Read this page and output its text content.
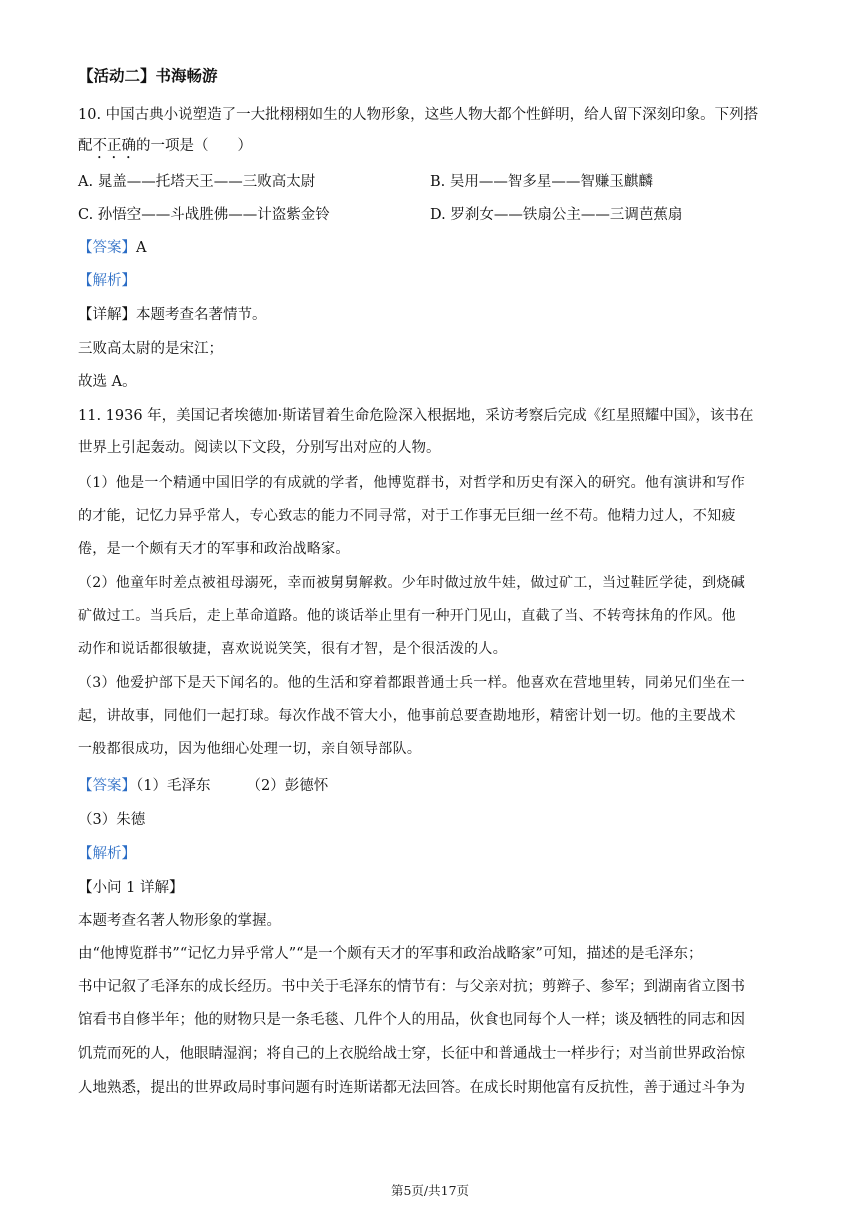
【活动二】书海畅游
10. 中国古典小说塑造了一大批栩栩如生的人物形象，这些人物大都个性鲜明，给人留下深刻印象。下列搭
配不正确的一项是（　　）
A. 晁盖——托塔天王——三败高太尉	B. 吴用——智多星——智赚玉麒麟
C. 孙悟空——斗战胜佛——计盗紫金铃	D. 罗刹女——铁扇公主——三调芭蕉扇
【答案】A
【解析】
【详解】本题考查名著情节。
三败高太尉的是宋江；
故选 A。
11. 1936 年，美国记者埃德加·斯诺冒着生命危险深入根据地，采访考察后完成《红星照耀中国》，该书在
世界上引起轰动。阅读以下文段，分别写出对应的人物。
（1）他是一个精通中国旧学的有成就的学者，他博览群书，对哲学和历史有深入的研究。他有演讲和写作
的才能，记忆力异乎常人，专心致志的能力不同寻常，对于工作事无巨细一丝不苟。他精力过人，不知疲
倦，是一个颇有天才的军事和政治战略家。
（2）他童年时差点被祖母溺死，幸而被舅舅解救。少年时做过放牛娃，做过矿工，当过鞋匠学徒，到烧碱
矿做过工。当兵后，走上革命道路。他的谈话举止里有一种开门见山，直截了当、不转弯抹角的作风。他
动作和说话都很敏捷，喜欢说说笑笑，很有才智，是个很活泼的人。
（3）他爱护部下是天下闻名的。他的生活和穿着都跟普通士兵一样。他喜欢在营地里转，同弟兄们坐在一
起，讲故事，同他们一起打球。每次作战不管大小，他事前总要查勘地形，精密计划一切。他的主要战术
一般都很成功，因为他细心处理一切，亲自领导部队。
【答案】（1）毛泽东 （2）彭德怀
（3）朱德
【解析】
【小问 1 详解】
本题考查名著人物形象的掌握。
由“他博览群书”“记忆力异乎常人”“是一个颇有天才的军事和政治战略家”可知，描述的是毛泽东；
书中记叙了毛泽东的成长经历。书中关于毛泽东的情节有：与父亲对抗；剪辫子、参军；到湖南省立图书
馆看书自修半年；他的财物只是一条毛毯、几件个人的用品，伙食也同每个人一样；谈及牺牲的同志和因
饥荒而死的人，他眼睛湿润；将自己的上衣脱给战士穿，长征中和普通战士一样步行；对当前世界政治惊
人地熟悉，提出的世界政局时事问题有时连斯诺都无法回答。在成长时期他富有反抗性，善于通过斗争为
第5页/共17页
